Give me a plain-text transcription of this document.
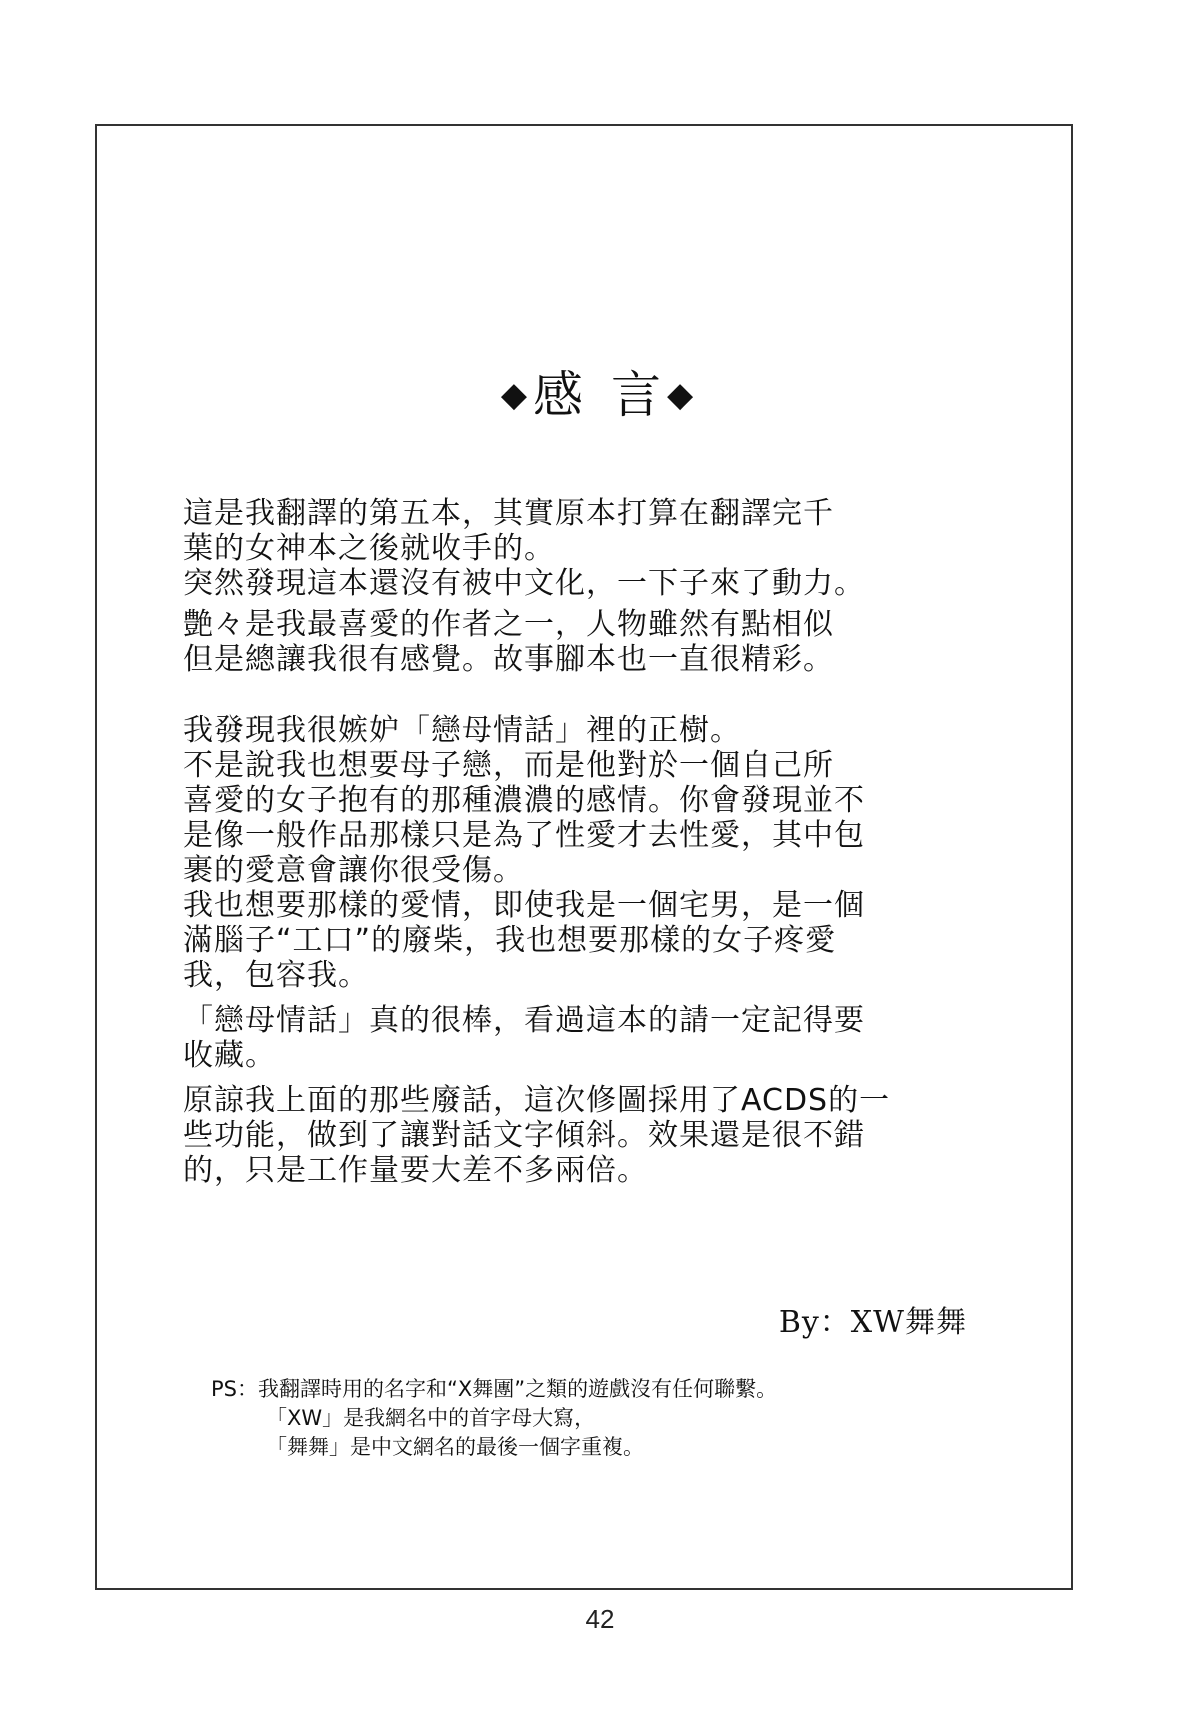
◆感 言◆

這是我翻譯的第五本，其實原本打算在翻譯完千
葉的女神本之後就收手的。
突然發現這本還沒有被中文化，一下子來了動力。

艶々是我最喜愛的作者之一，人物雖然有點相似
但是總讓我很有感覺。故事腳本也一直很精彩。

我發現我很嫉妒「戀母情話」裡的正樹。
不是說我也想要母子戀，而是他對於一個自己所
喜愛的女子抱有的那種濃濃的感情。你會發現並不
是像一般作品那樣只是為了性愛才去性愛，其中包
裹的愛意會讓你很受傷。
我也想要那樣的愛情，即使我是一個宅男，是一個
滿腦子“工口”的廢柴，我也想要那樣的女子疼愛
我，包容我。

「戀母情話」真的很棒，看過這本的請一定記得要
收藏。

原諒我上面的那些廢話，這次修圖採用了ACDS的一
些功能，做到了讓對話文字傾斜。效果還是很不錯
的，只是工作量要大差不多兩倍。

By：XW舞舞
PS：我翻譯時用的名字和“X舞團”之類的遊戲沒有任何聯繫。
「XW」是我網名中的首字母大寫，
「舞舞」是中文網名的最後一個字重複。
42
